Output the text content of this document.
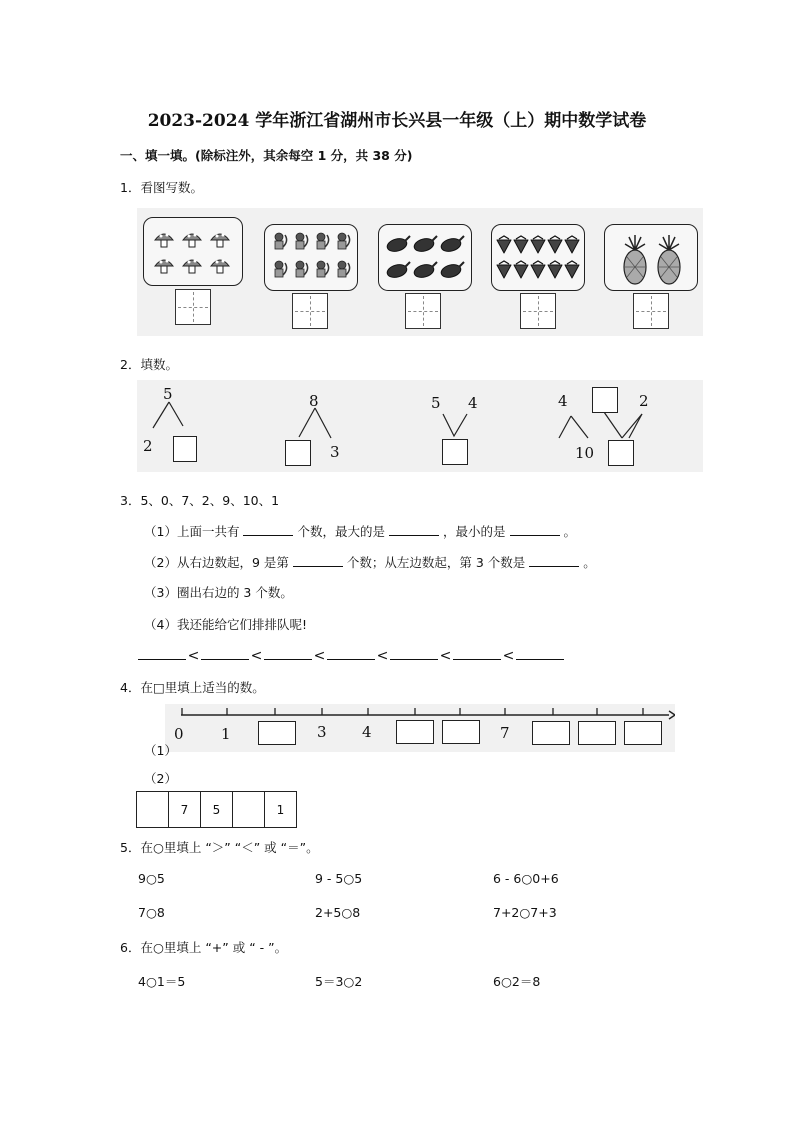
2023-2024 学年浙江省湖州市长兴县一年级（上）期中数学试卷
一、填一填。(除标注外，其余每空 1 分，共 38 分)
1．看图写数。
2．填数。
5
2
8
3
5 4	4	2
10
3．5、0、7、2、9、10、1
（1）上面一共有	个数，最大的是	，最小的是	。
（2）从右边数起，9 是第	个数；从左边数起，第 3 个数是	。
（3）圈出右边的 3 个数。
（4）我还能给它们排排队呢!
<	<	<	<	<	<
4．在□里填上适当的数。
0 1	3 4	7
（1）
（2）
	7	5		1
5．在○里填上 “＞” “＜” 或 “＝”。
9○5	9 - 5○5	6 - 6○0+6
7○8	2+5○8	7+2○7+3
6．在○里填上 “+” 或 “ - ”。
4○1＝5	5＝3○2	6○2＝8
